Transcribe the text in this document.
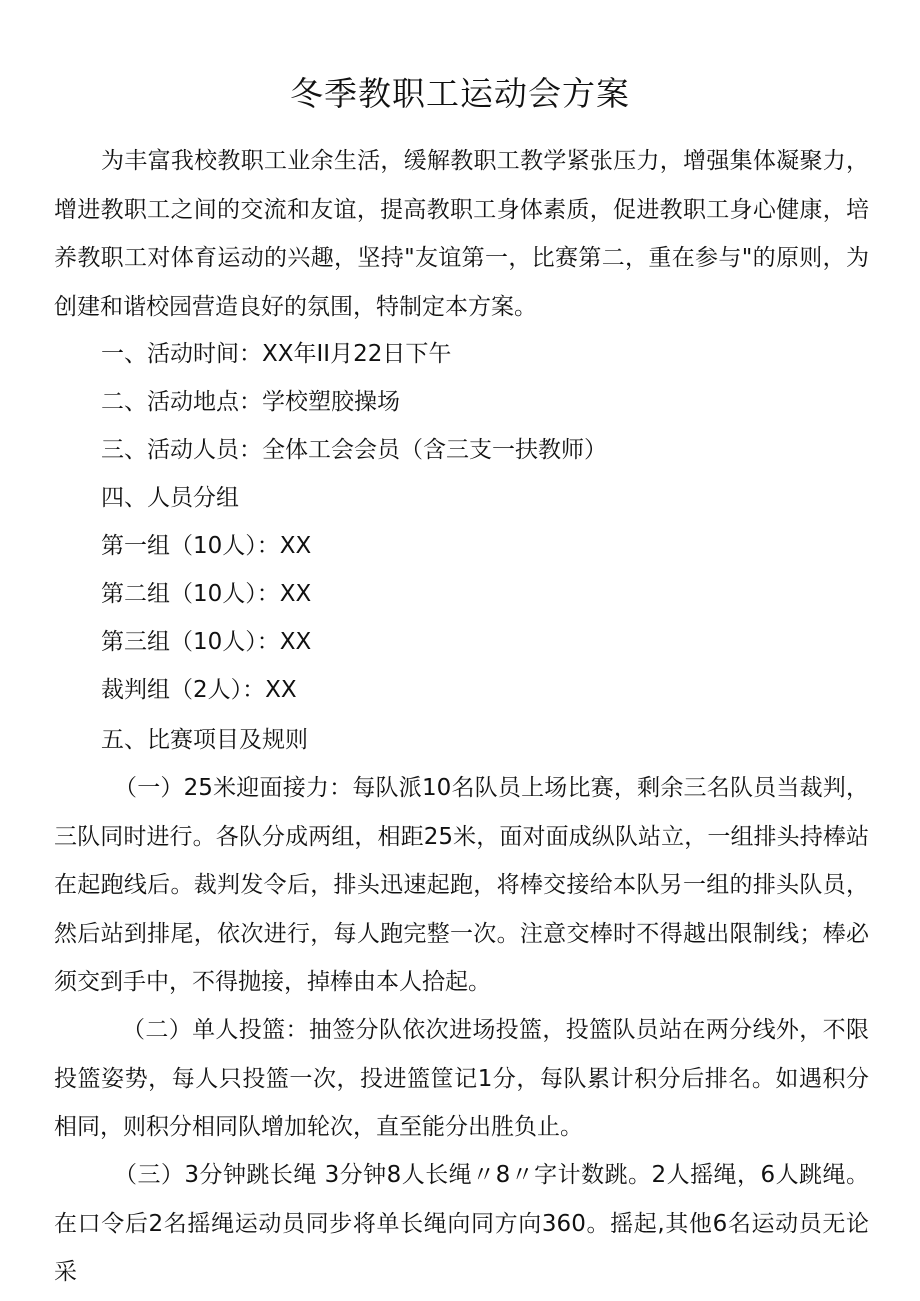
冬季教职工运动会方案

为丰富我校教职工业余生活，缓解教职工教学紧张压力，增强集体凝聚力，增进教职工之间的交流和友谊，提高教职工身体素质，促进教职工身心健康，培养教职工对体育运动的兴趣，坚持"友谊第一，比赛第二，重在参与"的原则，为创建和谐校园营造良好的氛围，特制定本方案。

一、活动时间：XX年II月22日下午

二、活动地点：学校塑胶操场

三、活动人员：全体工会会员（含三支一扶教师）

四、人员分组

第一组（10人）：XX

第二组（10人）：XX

第三组（10人）：XX

裁判组（2人）：XX

五、比赛项目及规则

（一）25米迎面接力：每队派10名队员上场比赛，剩余三名队员当裁判，三队同时进行。各队分成两组，相距25米，面对面成纵队站立，一组排头持棒站在起跑线后。裁判发令后，排头迅速起跑，将棒交接给本队另一组的排头队员，然后站到排尾，依次进行，每人跑完整一次。注意交棒时不得越出限制线；棒必须交到手中，不得抛接，掉棒由本人拾起。

（二）单人投篮：抽签分队依次进场投篮，投篮队员站在两分线外，不限投篮姿势，每人只投篮一次，投进篮筐记1分，每队累计积分后排名。如遇积分相同，则积分相同队增加轮次，直至能分出胜负止。

（三）3分钟跳长绳 3分钟8人长绳〃8〃字计数跳。2人摇绳，6人跳绳。在口令后2名摇绳运动员同步将单长绳向同方向360。摇起,其他6名运动员无论采
